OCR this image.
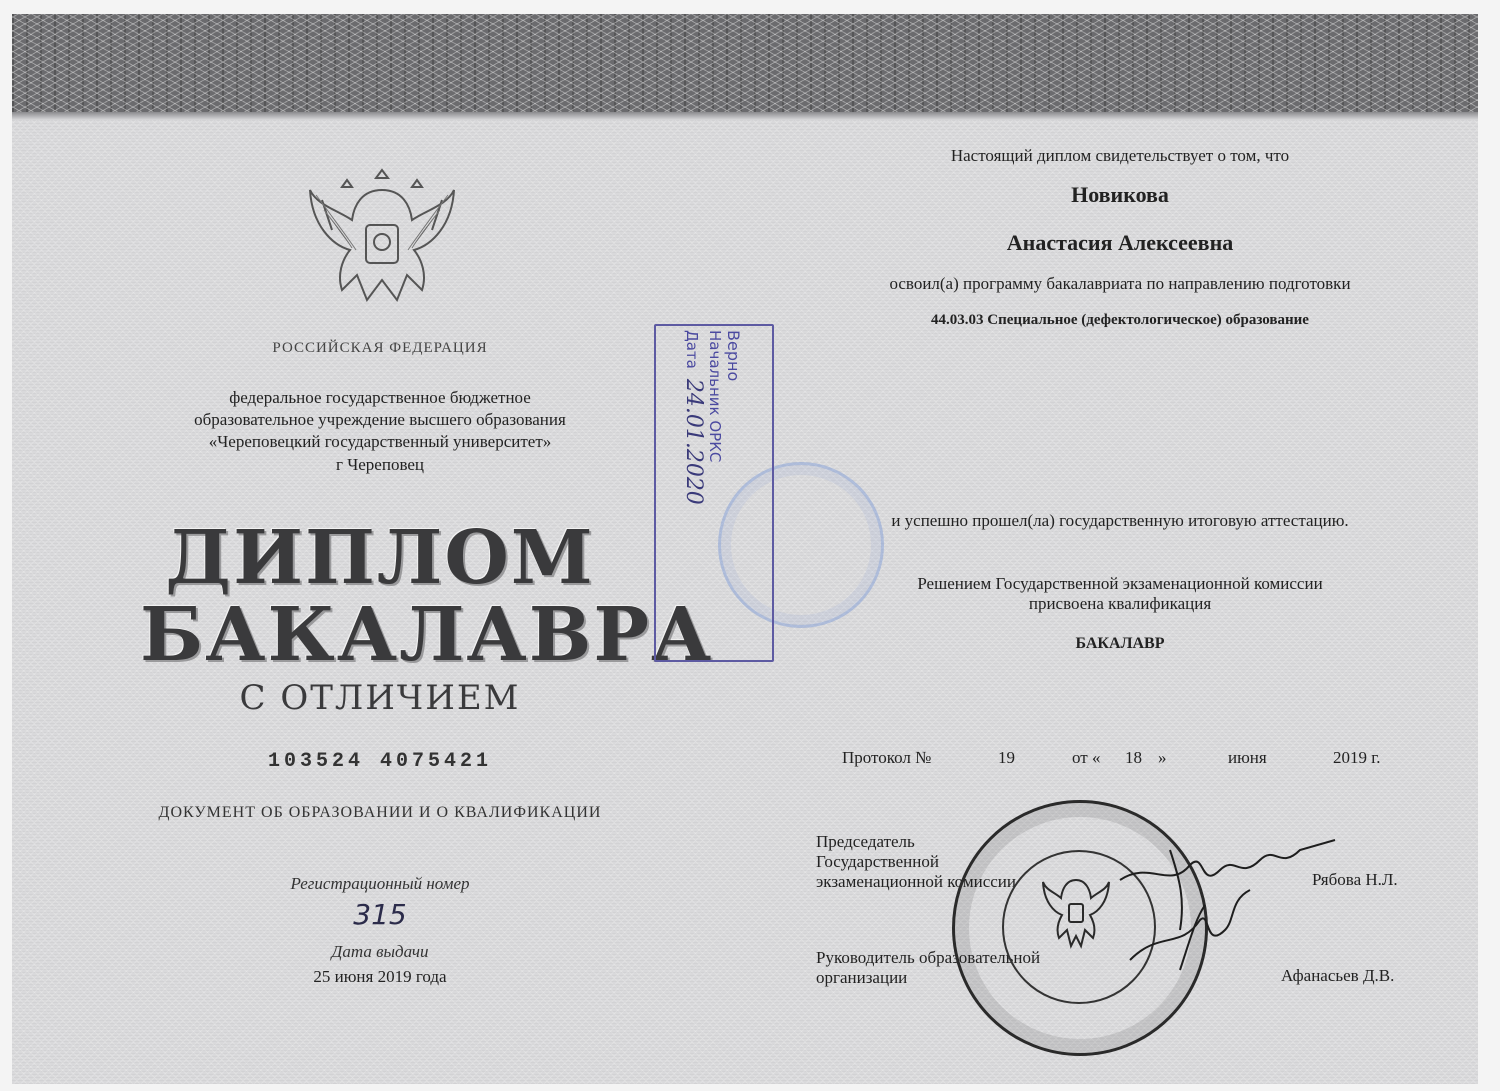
РОССИЙСКАЯ ФЕДЕРАЦИЯ
федеральное государственное бюджетное
образовательное учреждение высшего образования
«Череповецкий государственный университет»
г Череповец
ДИПЛОМ
БАКАЛАВРА
С ОТЛИЧИЕМ
103524 4075421
ДОКУМЕНТ ОБ ОБРАЗОВАНИИ И О КВАЛИФИКАЦИИ
Регистрационный номер
315
Дата выдачи
25 июня 2019 года
Верно
Начальник ОРКС
Дата
24.01.2020
Настоящий диплом свидетельствует о том, что
Новикова
Анастасия Алексеевна
освоил(а) программу бакалавриата по направлению подготовки
44.03.03 Специальное (дефектологическое) образование
и успешно прошел(ла) государственную итоговую аттестацию.
Решением Государственной экзаменационной комиссии
присвоена квалификация
БАКАЛАВР
Протокол №	19	от « 18 »	июня	2019 г.
Председатель
Государственной
экзаменационной комиссии	Рябова Н.Л.
Руководитель образовательной
организации	Афанасьев Д.В.
